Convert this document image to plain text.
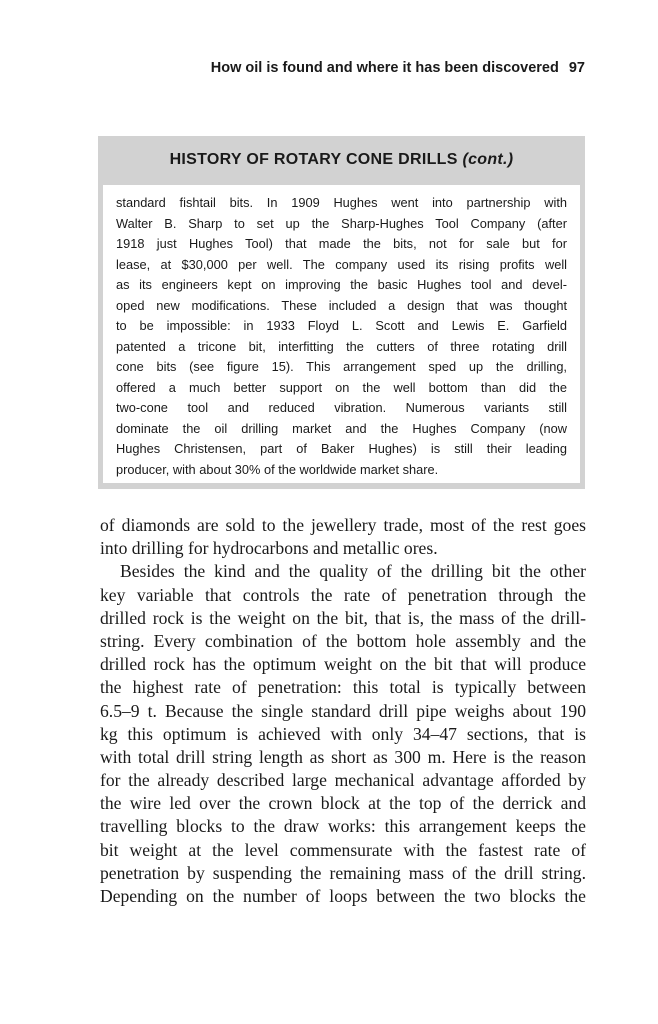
How oil is found and where it has been discovered 97
HISTORY OF ROTARY CONE DRILLS (cont.)
standard fishtail bits. In 1909 Hughes went into partnership with
Walter B. Sharp to set up the Sharp-Hughes Tool Company (after
1918 just Hughes Tool) that made the bits, not for sale but for
lease, at $30,000 per well. The company used its rising profits well
as its engineers kept on improving the basic Hughes tool and devel-
oped new modifications. These included a design that was thought
to be impossible: in 1933 Floyd L. Scott and Lewis E. Garfield
patented a tricone bit, interfitting the cutters of three rotating drill
cone bits (see figure 15). This arrangement sped up the drilling,
offered a much better support on the well bottom than did the
two-cone tool and reduced vibration. Numerous variants still
dominate the oil drilling market and the Hughes Company (now
Hughes Christensen, part of Baker Hughes) is still their leading
producer, with about 30% of the worldwide market share.
of diamonds are sold to the jewellery trade, most of the rest goes
into drilling for hydrocarbons and metallic ores.
Besides the kind and the quality of the drilling bit the other
key variable that controls the rate of penetration through the
drilled rock is the weight on the bit, that is, the mass of the drill-
string. Every combination of the bottom hole assembly and the
drilled rock has the optimum weight on the bit that will produce
the highest rate of penetration: this total is typically between
6.5–9 t. Because the single standard drill pipe weighs about 190
kg this optimum is achieved with only 34–47 sections, that is
with total drill string length as short as 300 m. Here is the reason
for the already described large mechanical advantage afforded by
the wire led over the crown block at the top of the derrick and
travelling blocks to the draw works: this arrangement keeps the
bit weight at the level commensurate with the fastest rate of
penetration by suspending the remaining mass of the drill string.
Depending on the number of loops between the two blocks the
